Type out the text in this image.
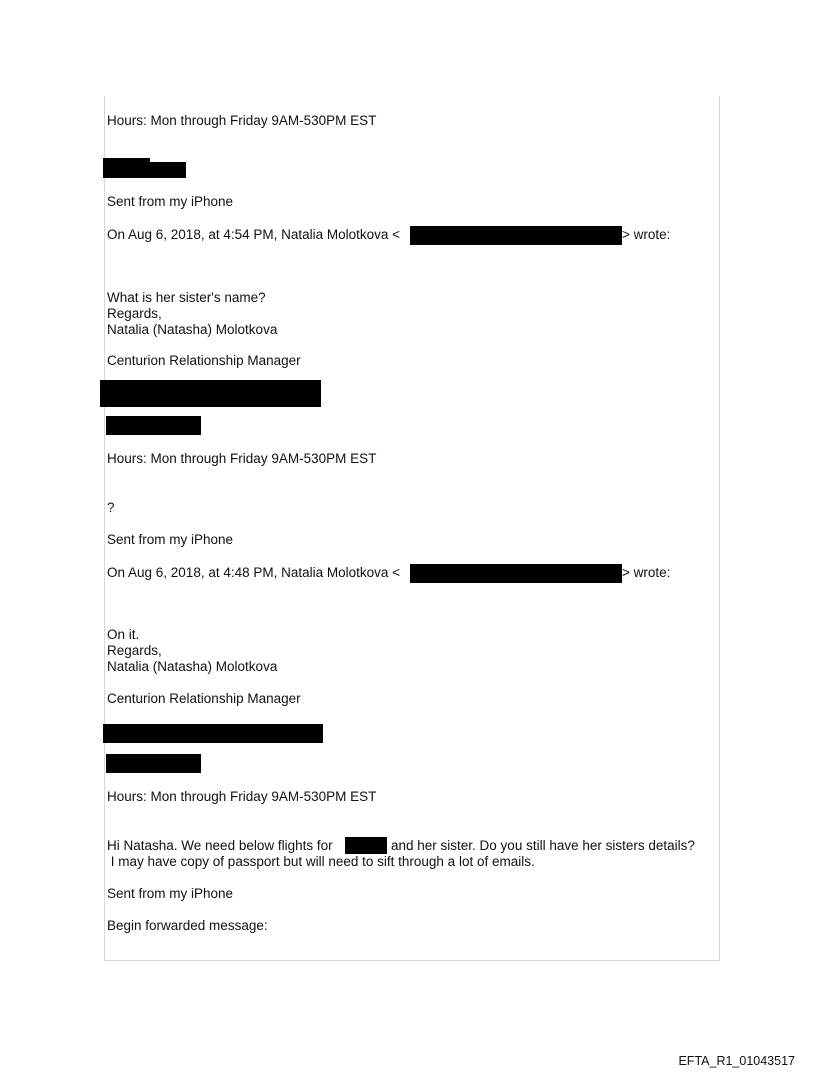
Hours: Mon through Friday 9AM-530PM EST

Sent from my iPhone

On Aug 6, 2018, at 4:54 PM, Natalia Molotkova <	> wrote:

What is her sister's name?
Regards,
Natalia (Natasha) Molotkova

Centurion Relationship Manager

Hours: Mon through Friday 9AM-530PM EST

?

Sent from my iPhone

On Aug 6, 2018, at 4:48 PM, Natalia Molotkova <	> wrote:

On it.
Regards,
Natalia (Natasha) Molotkova

Centurion Relationship Manager

Hours: Mon through Friday 9AM-530PM EST

Hi Natasha. We need below flights for	and her sister. Do you still have her sisters details?

I may have copy of passport but will need to sift through a lot of emails.

Sent from my iPhone

Begin forwarded message:

EFTA_R1_01043517
